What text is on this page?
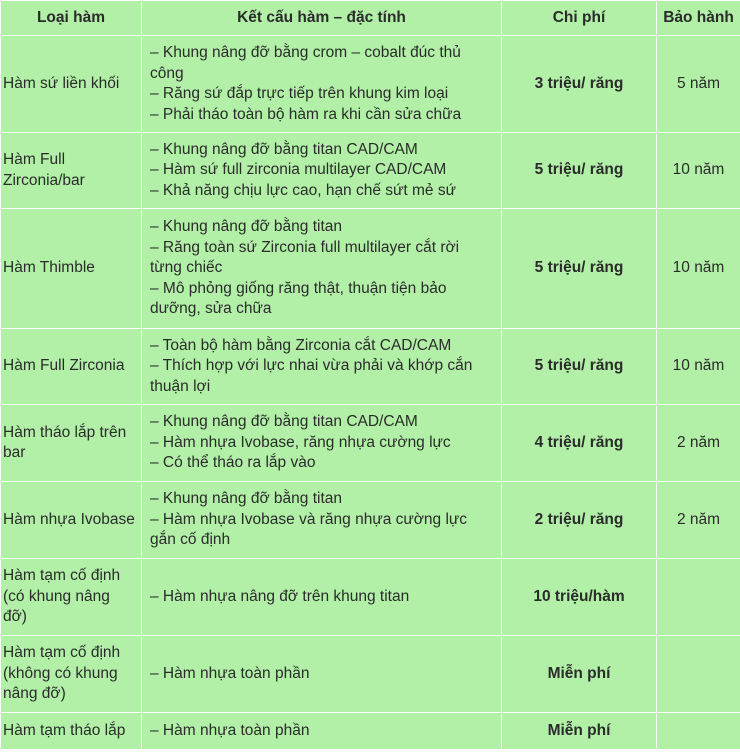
Loại hàm	Kết cấu hàm – đặc tính	Chi phí	Bảo hành
Hàm sứ liền khối	– Khung nâng đỡ bằng crom – cobalt đúc thủ công
– Răng sứ đắp trực tiếp trên khung kim loại
– Phải tháo toàn bộ hàm ra khi cần sửa chữa	3 triệu/ răng	5 năm
Hàm Full Zirconia/bar	– Khung nâng đỡ bằng titan CAD/CAM
– Hàm sứ full zirconia multilayer CAD/CAM
– Khả năng chịu lực cao, hạn chế sứt mẻ sứ	5 triệu/ răng	10 năm
Hàm Thimble	– Khung nâng đỡ bằng titan
– Răng toàn sứ Zirconia full multilayer cắt rời từng chiếc
– Mô phỏng giống răng thật, thuận tiện bảo dưỡng, sửa chữa	5 triệu/ răng	10 năm
Hàm Full Zirconia	– Toàn bộ hàm bằng Zirconia cắt CAD/CAM
– Thích hợp với lực nhai vừa phải và khớp cắn thuận lợi	5 triệu/ răng	10 năm
Hàm tháo lắp trên bar	– Khung nâng đỡ bằng titan CAD/CAM
– Hàm nhựa Ivobase, răng nhựa cường lực
– Có thể tháo ra lắp vào	4 triệu/ răng	2 năm
Hàm nhựa Ivobase	– Khung nâng đỡ bằng titan
– Hàm nhựa Ivobase và răng nhựa cường lực gắn cố định	2 triệu/ răng	2 năm
Hàm tạm cố định (có khung nâng đỡ)	– Hàm nhựa nâng đỡ trên khung titan	10 triệu/hàm	
Hàm tạm cố định (không có khung nâng đỡ)	– Hàm nhựa toàn phần	Miễn phí	
Hàm tạm tháo lắp	– Hàm nhựa toàn phần	Miễn phí	
